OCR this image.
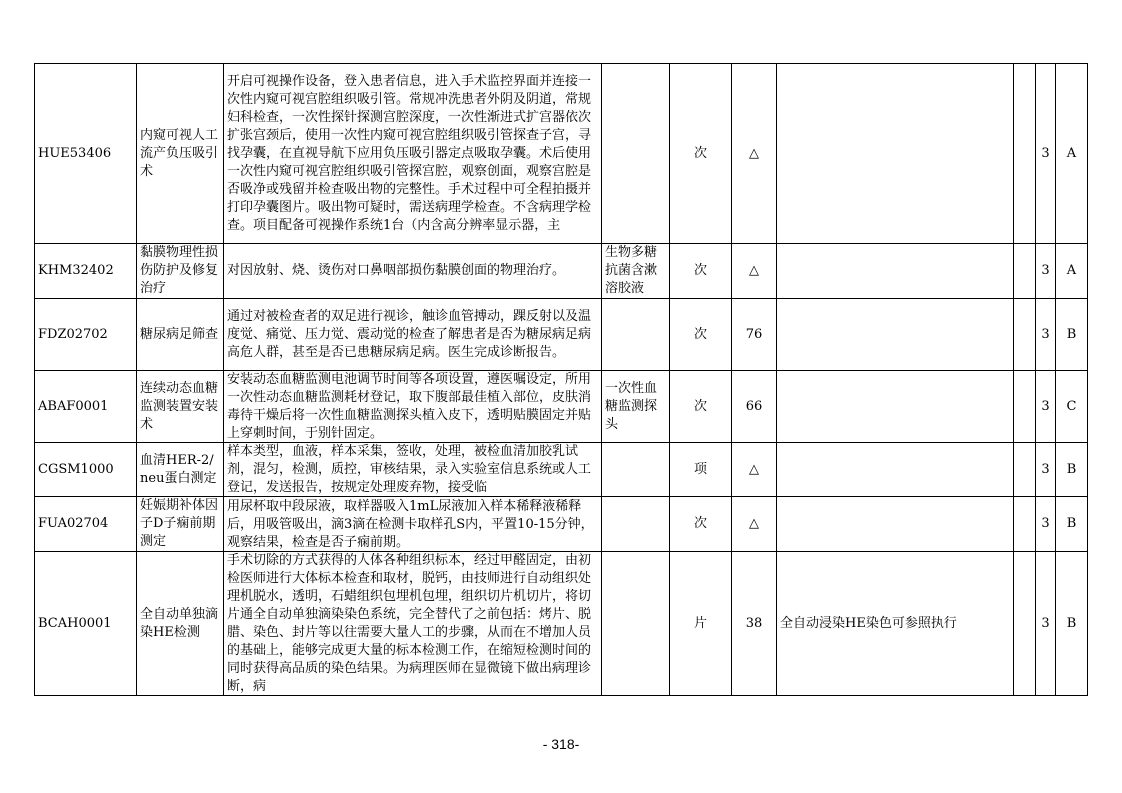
HUE53406	内窥可视人工流产负压吸引术	开启可视操作设备，登入患者信息，进入手术监控界面并连接一次性内窥可视宫腔组织吸引管。常规冲洗患者外阴及阴道，常规妇科检查，一次性探针探测宫腔深度，一次性渐进式扩宫器依次扩张宫颈后，使用一次性内窥可视宫腔组织吸引管探查子宫，寻找孕囊，在直视导航下应用负压吸引器定点吸取孕囊。术后使用一次性内窥可视宫腔组织吸引管探宫腔，观察创面，观察宫腔是否吸净或残留并检查吸出物的完整性。手术过程中可全程拍摄并打印孕囊图片。吸出物可疑时，需送病理学检查。不含病理学检查。项目配备可视操作系统1台（内含高分辨率显示器，主		次	△			3	A
KHM32402	黏膜物理性损伤防护及修复治疗	对因放射、烧、烫伤对口鼻咽部损伤黏膜创面的物理治疗。	生物多糖抗菌含漱溶胶液	次	△			3	A
FDZ02702	糖尿病足筛查	通过对被检查者的双足进行视诊，触诊血管搏动，踝反射以及温度觉、痛觉、压力觉、震动觉的检查了解患者是否为糖尿病足病高危人群，甚至是否已患糖尿病足病。医生完成诊断报告。		次	76			3	B
ABAF0001	连续动态血糖监测装置安装术	安装动态血糖监测电池调节时间等各项设置，遵医嘱设定，所用一次性动态血糖监测耗材登记，取下腹部最佳植入部位，皮肤消毒待干燥后将一次性血糖监测探头植入皮下，透明贴膜固定并贴上穿刺时间，于别针固定。	一次性血糖监测探头	次	66			3	C
CGSM1000	血清HER-2/neu蛋白测定	样本类型，血液，样本采集，签收，处理，被检血清加胶乳试剂，混匀，检测，质控，审核结果，录入实验室信息系统或人工登记，发送报告，按规定处理废弃物，接受临		项	△			3	B
FUA02704	妊娠期补体因子D子痫前期测定	用尿杯取中段尿液，取样器吸入1mL尿液加入样本稀释液稀释后，用吸管吸出，滴3滴在检测卡取样孔S内，平置10-15分钟，观察结果，检查是否子痫前期。		次	△			3	B
BCAH0001	全自动单独滴染HE检测	手术切除的方式获得的人体各种组织标本，经过甲醛固定，由初检医师进行大体标本检查和取材，脱钙，由技师进行自动组织处理机脱水，透明，石蜡组织包埋机包埋，组织切片机切片，将切片通全自动单独滴染染色系统，完全替代了之前包括：烤片、脱腊、染色、封片等以往需要大量人工的步骤，从而在不增加人员的基础上，能够完成更大量的标本检测工作，在缩短检测时间的同时获得高品质的染色结果。为病理医师在显微镜下做出病理诊断，病		片	38	全自动浸染HE染色可参照执行		3	B
- 318-
